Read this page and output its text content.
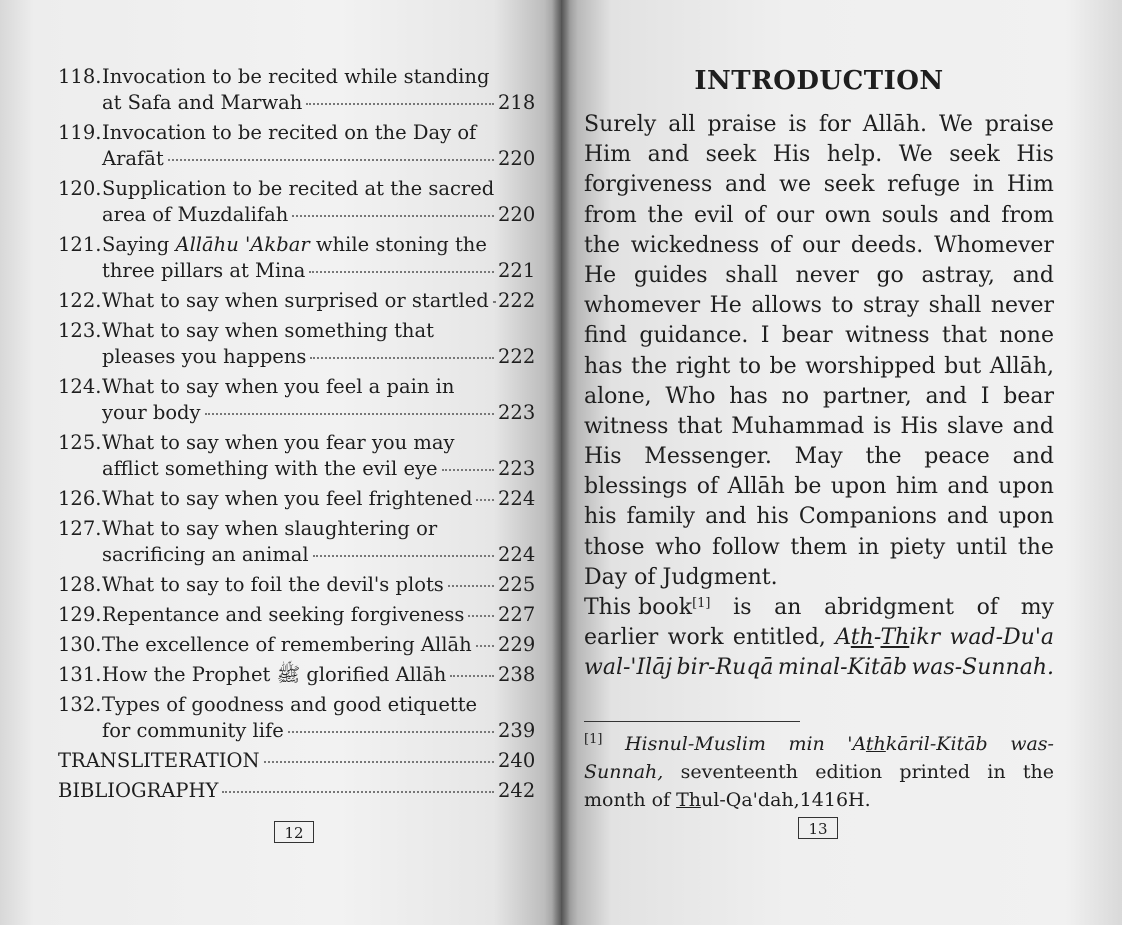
118. Invocation to be recited while standing
at Safa and Marwah	218
119. Invocation to be recited on the Day of
Arafāt	220
120. Supplication to be recited at the sacred
area of Muzdalifah	220
121. Saying Allāhu 'Akbar while stoning the
three pillars at Mina	221
122. What to say when surprised or startled 222
123. What to say when something that
pleases you happens	222
124. What to say when you feel a pain in
your body	223
125. What to say when you fear you may
afflict something with the evil eye	223
126. What to say when you feel frightened 224
127. What to say when slaughtering or
sacrificing an animal	224
128. What to say to foil the devil's plots	225
129. Repentance and seeking forgiveness 227
130. The excellence of remembering Allāh 229
131. How the Prophet ﷺ glorified Allāh	238
132. Types of goodness and good etiquette
for community life	239
TRANSLITERATION	240
BIBLIOGRAPHY	242
12
INTRODUCTION
Surely all praise is for Allāh. We praise
Him and seek His help. We seek His
forgiveness and we seek refuge in Him
from the evil of our own souls and from
the wickedness of our deeds. Whomever
He guides shall never go astray, and
whomever He allows to stray shall never
find guidance. I bear witness that none
has the right to be worshipped but Allāh,
alone, Who has no partner, and I bear
witness that Muhammad is His slave and
His Messenger. May the peace and
blessings of Allāh be upon him and upon
his family and his Companions and upon
those who follow them in piety until the
Day of Judgment.
This book[1] is an abridgment of my
earlier work entitled, Ath-Thikr wad-Du'a
wal-'Ilāj bir-Ruqā minal-Kitāb was-Sunnah.
[1] Hisnul-Muslim min 'Athkāril-Kitāb was-
Sunnah, seventeenth edition printed in the
month of Thul-Qa'dah,1416H.
13
